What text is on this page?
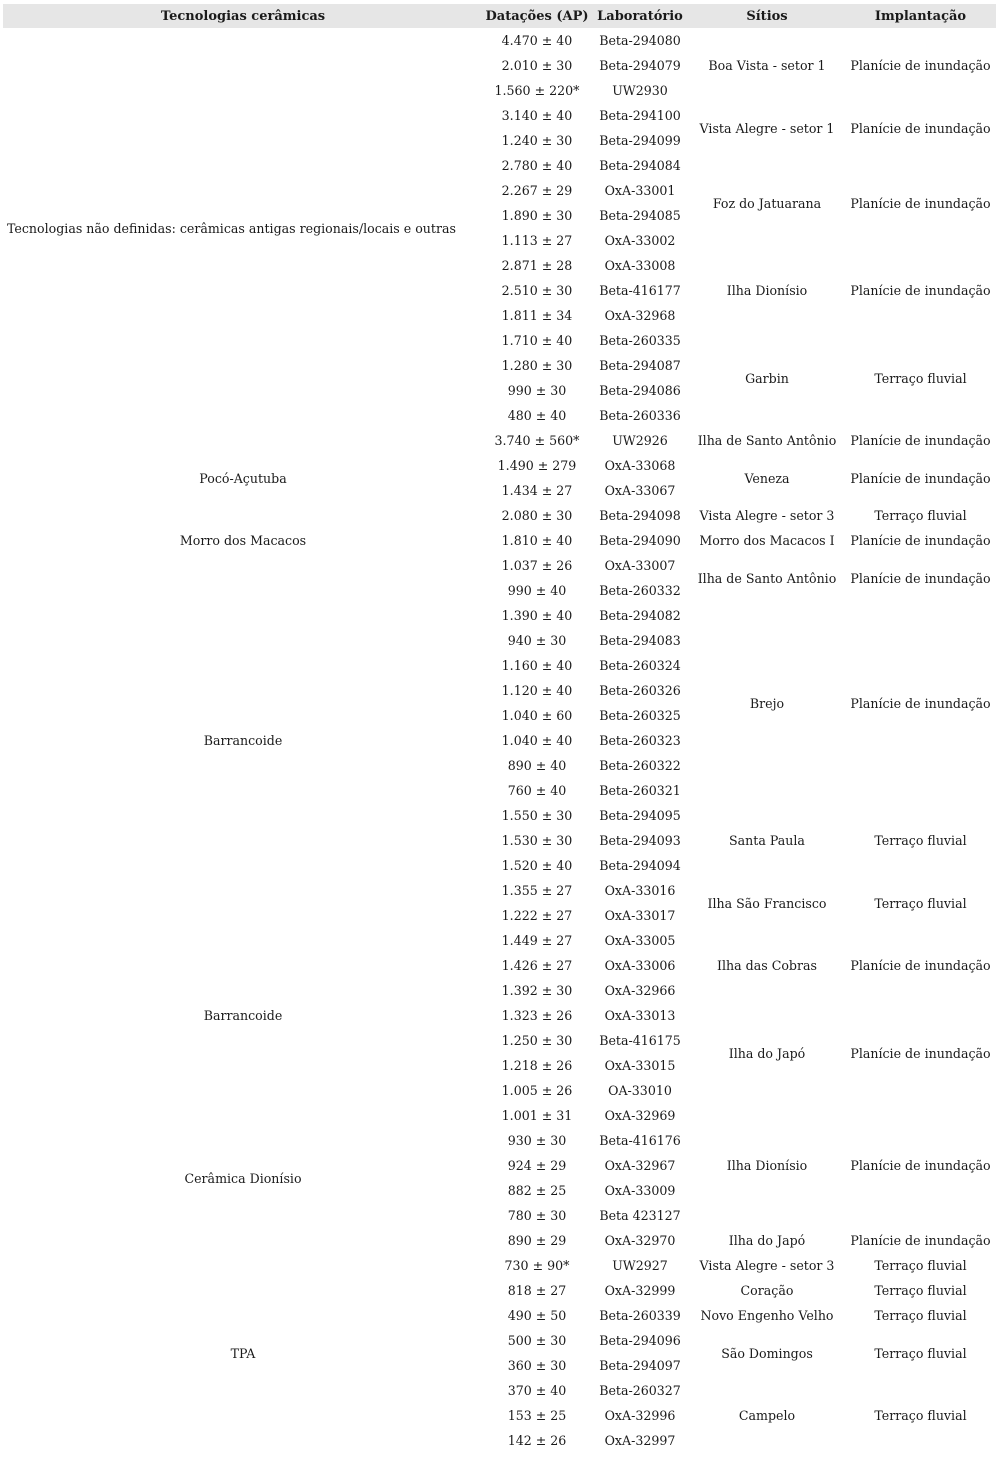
Tecnologias cerâmicas	Datações (AP)	Laboratório	Sítios	Implantação
Tecnologias não definidas: cerâmicas antigas regionais/locais e outras	4.470 ± 40	Beta-294080	Boa Vista - setor 1	Planície de inundação
	2.010 ± 30	Beta-294079		
	1.560 ± 220*	UW2930		
	3.140 ± 40	Beta-294100	Vista Alegre - setor 1	Planície de inundação
	1.240 ± 30	Beta-294099		
	2.780 ± 40	Beta-294084	Foz do Jatuarana	Planície de inundação
	2.267 ± 29	OxA-33001		
	1.890 ± 30	Beta-294085		
	1.113 ± 27	OxA-33002		
	2.871 ± 28	OxA-33008	Ilha Dionísio	Planície de inundação
	2.510 ± 30	Beta-416177		
	1.811 ± 34	OxA-32968		
	1.710 ± 40	Beta-260335	Garbin	Terraço fluvial
	1.280 ± 30	Beta-294087		
	990 ± 30	Beta-294086		
	480 ± 40	Beta-260336		
Pocó-Açutuba	3.740 ± 560*	UW2926	Ilha de Santo Antônio	Planície de inundação
	1.490 ± 279	OxA-33068	Veneza	Planície de inundação
	1.434 ± 27	OxA-33067		
	2.080 ± 30	Beta-294098	Vista Alegre - setor 3	Terraço fluvial
Morro dos Macacos	1.810 ± 40	Beta-294090	Morro dos Macacos I	Planície de inundação
Barrancoide	1.037 ± 26	OxA-33007	Ilha de Santo Antônio	Planície de inundação
	990 ± 40	Beta-260332		
	1.390 ± 40	Beta-294082	Brejo	Planície de inundação
	940 ± 30	Beta-294083		
	1.160 ± 40	Beta-260324		
	1.120 ± 40	Beta-260326		
	1.040 ± 60	Beta-260325		
	1.040 ± 40	Beta-260323		
	890 ± 40	Beta-260322		
	760 ± 40	Beta-260321		
	1.550 ± 30	Beta-294095	Santa Paula	Terraço fluvial
	1.530 ± 30	Beta-294093		
	1.520 ± 40	Beta-294094		
	1.355 ± 27	OxA-33016	Ilha São Francisco	Terraço fluvial
	1.222 ± 27	OxA-33017		
Barrancoide	1.449 ± 27	OxA-33005	Ilha das Cobras	Planície de inundação
	1.426 ± 27	OxA-33006		
	1.392 ± 30	OxA-32966		
	1.323 ± 26	OxA-33013	Ilha do Japó	Planície de inundação
	1.250 ± 30	Beta-416175		
	1.218 ± 26	OxA-33015		
	1.005 ± 26	OA-33010		
Cerâmica Dionísio	1.001 ± 31	OxA-32969	Ilha Dionísio	Planície de inundação
	930 ± 30	Beta-416176		
	924 ± 29	OxA-32967		
	882 ± 25	OxA-33009		
	780 ± 30	Beta 423127		
	890 ± 29	OxA-32970	Ilha do Japó	Planície de inundação
TPA	730 ± 90*	UW2927	Vista Alegre - setor 3	Terraço fluvial
	818 ± 27	OxA-32999	Coração	Terraço fluvial
	490 ± 50	Beta-260339	Novo Engenho Velho	Terraço fluvial
	500 ± 30	Beta-294096	São Domingos	Terraço fluvial
	360 ± 30	Beta-294097		
	370 ± 40	Beta-260327	Campelo	Terraço fluvial
	153 ± 25	OxA-32996		
	142 ± 26	OxA-32997		
